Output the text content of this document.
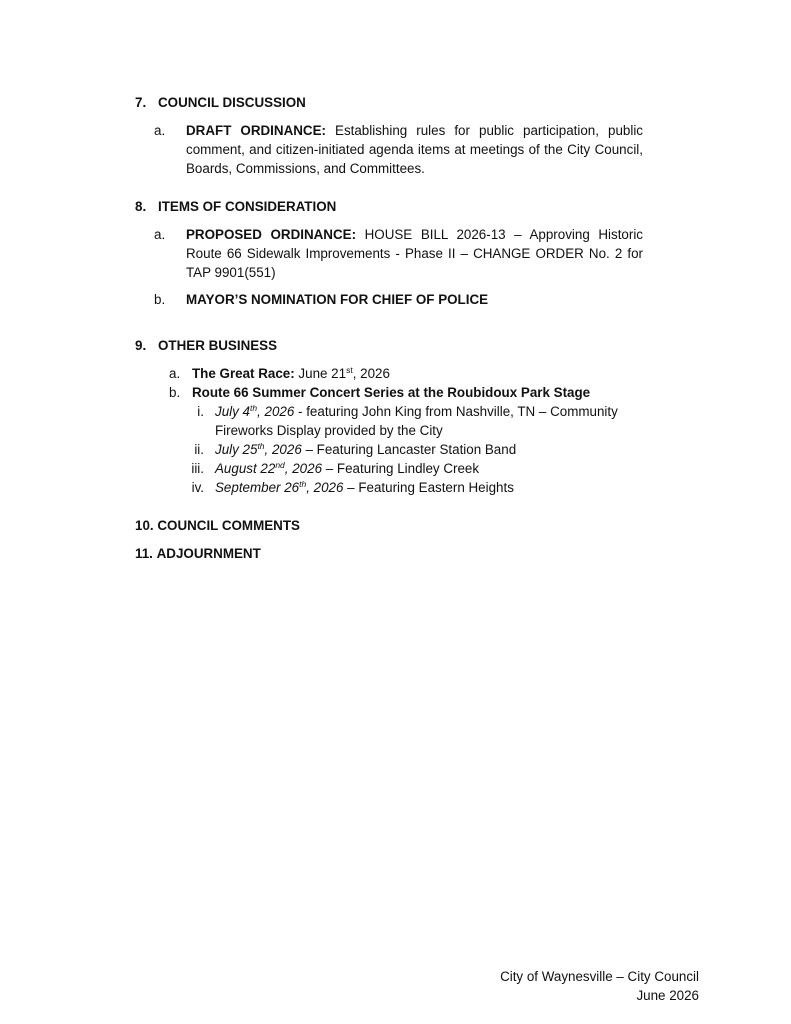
7. COUNCIL DISCUSSION

a.	DRAFT ORDINANCE: Establishing rules for public participation, public comment, and citizen-initiated agenda items at meetings of the City Council, Boards, Commissions, and Committees.

8. ITEMS OF CONSIDERATION

a.	PROPOSED ORDINANCE: HOUSE BILL 2026-13 – Approving Historic Route 66 Sidewalk Improvements - Phase II – CHANGE ORDER No. 2 for TAP 9901(551)
b.	MAYOR’S NOMINATION FOR CHIEF OF POLICE

9. OTHER BUSINESS

a. The Great Race: June 21st, 2026
b. Route 66 Summer Concert Series at the Roubidoux Park Stage
i. July 4th, 2026 - featuring John King from Nashville, TN – Community Fireworks Display provided by the City
ii. July 25th, 2026 – Featuring Lancaster Station Band
iii. August 22nd, 2026 – Featuring Lindley Creek
iv. September 26th, 2026 – Featuring Eastern Heights

10. COUNCIL COMMENTS

11. ADJOURNMENT

City of Waynesville – City Council
June 2026
